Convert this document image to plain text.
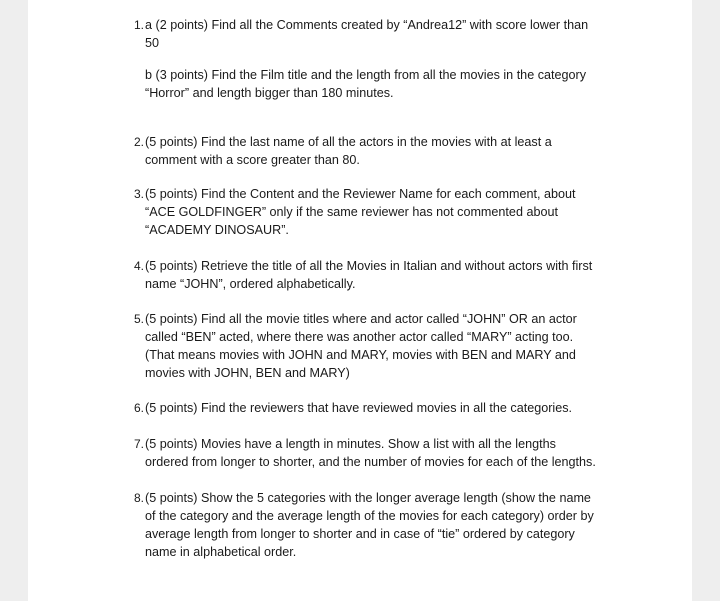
1. a (2 points) Find all the Comments created by “Andrea12” with score lower than
50
b (3 points) Find the Film title and the length from all the movies in the category
“Horror” and length bigger than 180 minutes.
2. (5 points) Find the last name of all the actors in the movies with at least a
comment with a score greater than 80.
3. (5 points) Find the Content and the Reviewer Name for each comment, about
“ACE GOLDFINGER” only if the same reviewer has not commented about
“ACADEMY DINOSAUR”.
4. (5 points) Retrieve the title of all the Movies in Italian and without actors with first
name “JOHN”, ordered alphabetically.
5. (5 points) Find all the movie titles where and actor called “JOHN” OR an actor
called “BEN” acted, where there was another actor called “MARY” acting too.
(That means movies with JOHN and MARY, movies with BEN and MARY and
movies with JOHN, BEN and MARY)
6. (5 points) Find the reviewers that have reviewed movies in all the categories.
7. (5 points) Movies have a length in minutes. Show a list with all the lengths
ordered from longer to shorter, and the number of movies for each of the lengths.
8. (5 points) Show the 5 categories with the longer average length (show the name
of the category and the average length of the movies for each category) order by
average length from longer to shorter and in case of “tie” ordered by category
name in alphabetical order.
